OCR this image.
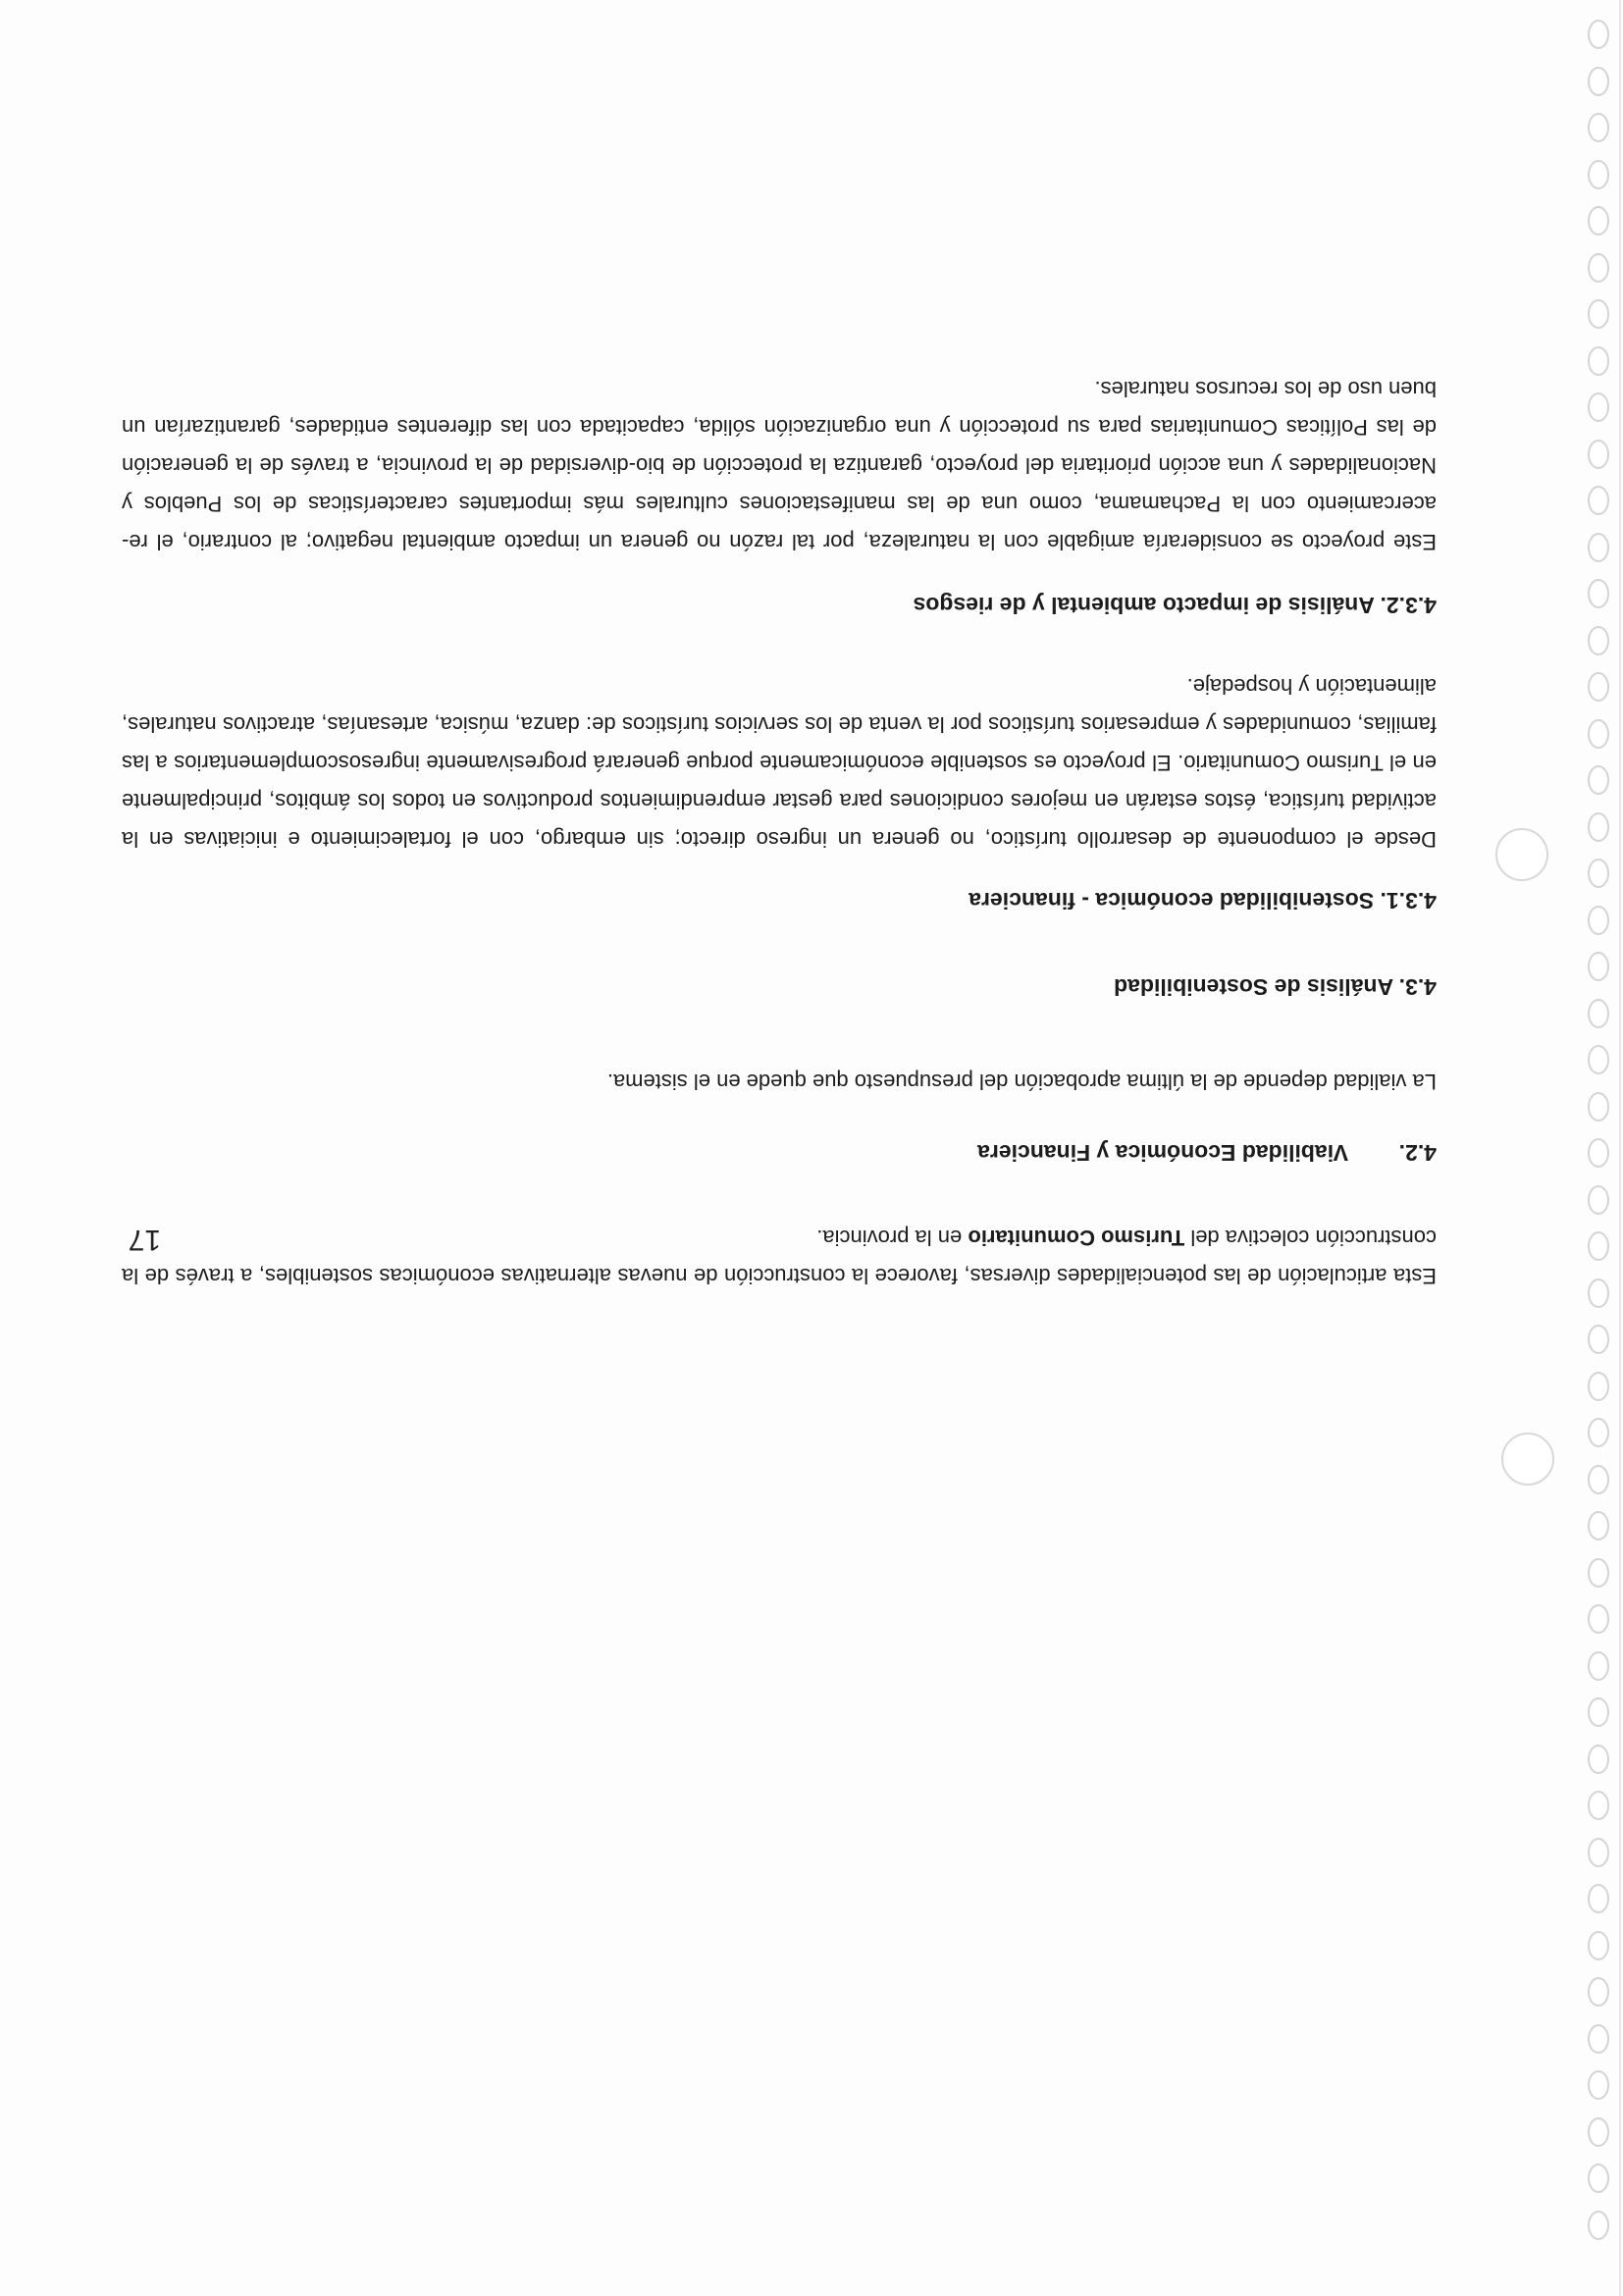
17

Esta articulación de las potencialidades diversas, favorece la construcción de nuevas alternativas económicas sostenibles, a través de la construcción colectiva del Turismo Comunitario en la provincia.

4.2.Viabilidad Económica y Financiera

La vialidad depende de la última aprobación del presupuesto que quede en el sistema.

4.3. Análisis de Sostenibilidad
4.3.1. Sostenibilidad económica - financiera

Desde el componente de desarrollo turístico, no genera un ingreso directo; sin embargo, con el fortalecimiento e iniciativas en la actividad turística, éstos estarán en mejores condiciones para gestar emprendimientos productivos en todos los ámbitos, principalmente en el Turismo Comunitario. El proyecto es sostenible económicamente porque generará progresivamente ingresoscomplementarios a las familias, comunidades y empresarios turísticos por la venta de los servicios turísticos de: danza, música, artesanías, atractivos naturales, alimentación y hospedaje.

4.3.2. Análisis de impacto ambiental y de riesgos

Este proyecto se consideraría amigable con la naturaleza, por tal razón no genera un impacto ambiental negativo; al contrario, el re-acercamiento con la Pachamama, como una de las manifestaciones culturales más importantes características de los Pueblos y Nacionalidades y una acción prioritaria del proyecto, garantiza la protección de bio-diversidad de la provincia, a través de la generación de las Políticas Comunitarias para su protección y una organización sólida, capacitada con las diferentes entidades, garantizarían un buen uso de los recursos naturales.
